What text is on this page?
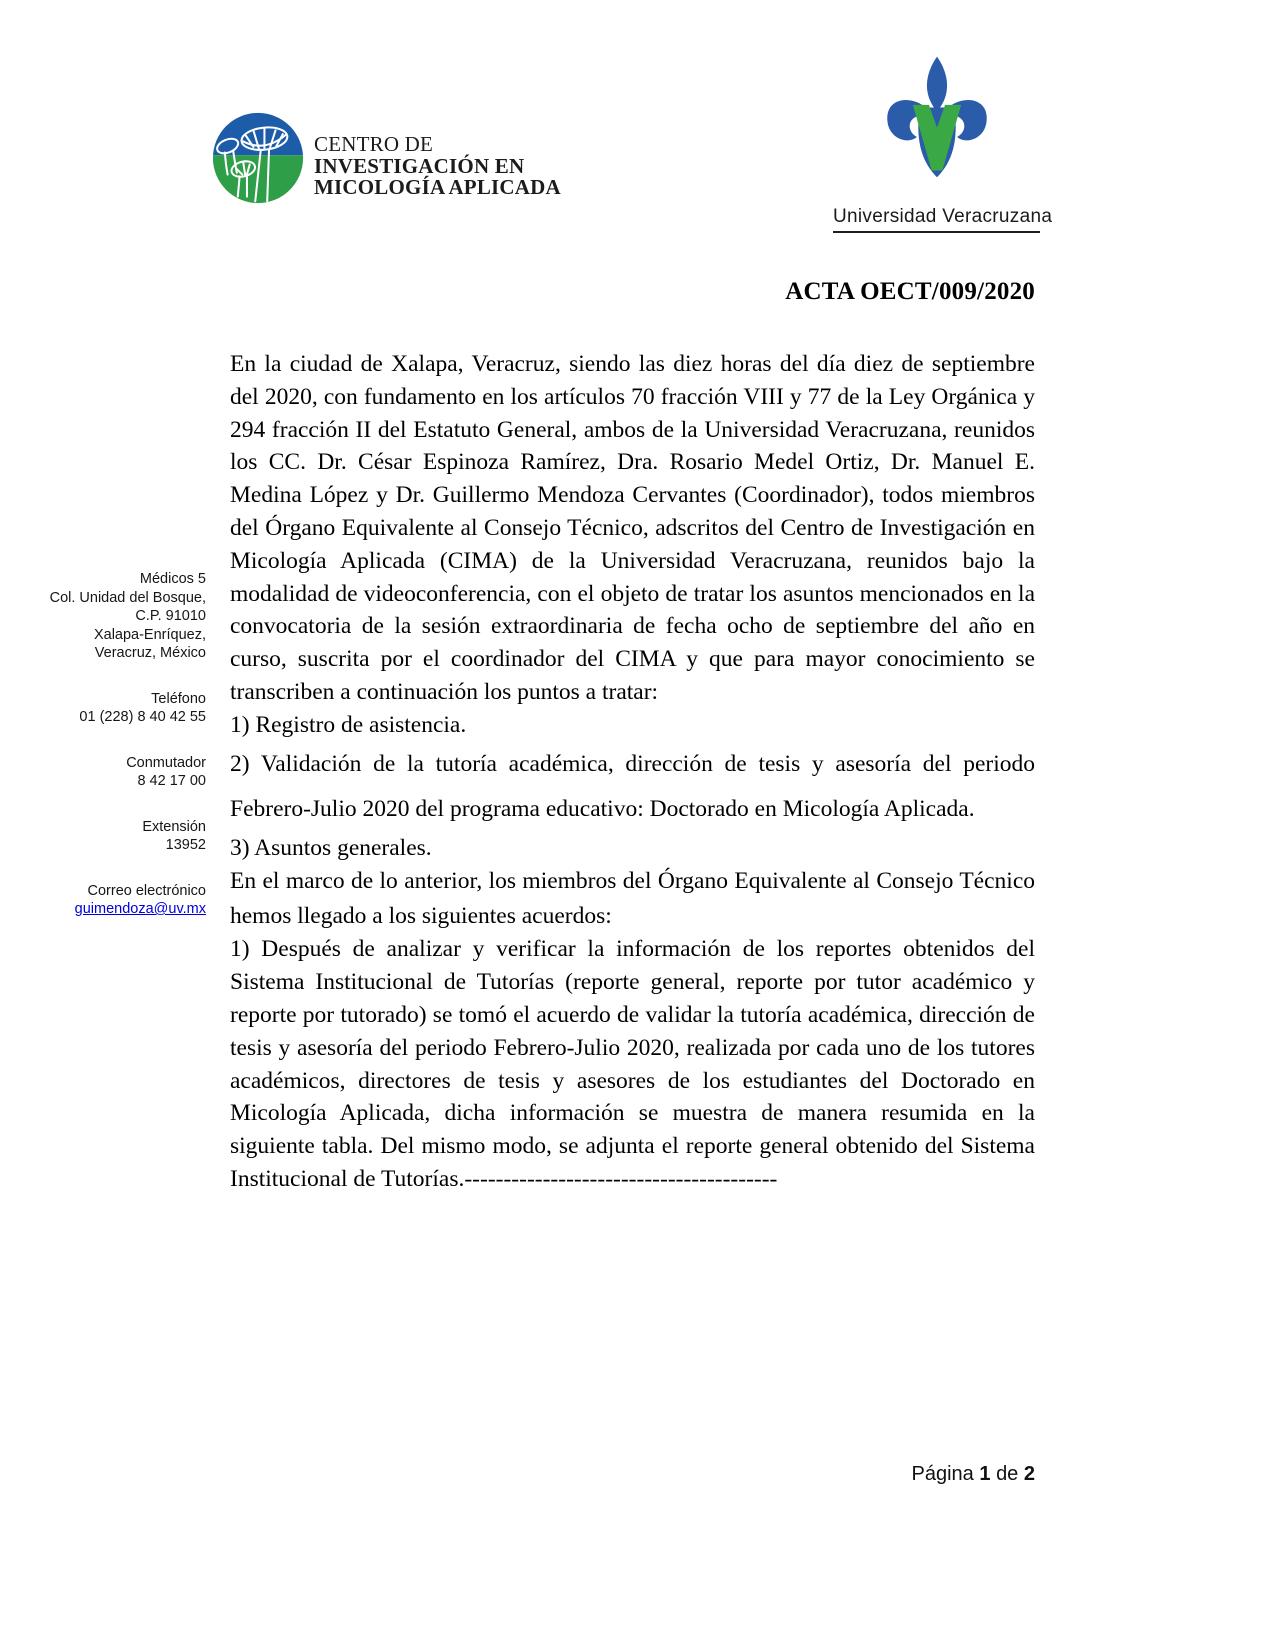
CENTRO DE
INVESTIGACIÓN EN
MICOLOGÍA APLICADA
Universidad Veracruzana
ACTA OECT/009/2020
Médicos 5
Col. Unidad del Bosque,
C.P. 91010
Xalapa-Enríquez,
Veracruz, México
Teléfono
01 (228) 8 40 42 55
Conmutador
8 42 17 00
Extensión
13952
Correo electrónico
guimendoza@uv.mx

En la ciudad de Xalapa, Veracruz, siendo las diez horas del día diez de septiembre del 2020, con fundamento en los artículos 70 fracción VIII y 77 de la Ley Orgánica y 294 fracción II del Estatuto General, ambos de la Universidad Veracruzana, reunidos los CC. Dr. César Espinoza Ramírez, Dra. Rosario Medel Ortiz, Dr. Manuel E. Medina López y Dr. Guillermo Mendoza Cervantes (Coordinador), todos miembros del Órgano Equivalente al Consejo Técnico, adscritos del Centro de Investigación en Micología Aplicada (CIMA) de la Universidad Veracruzana, reunidos bajo la modalidad de videoconferencia, con el objeto de tratar los asuntos mencionados en la convocatoria de la sesión extraordinaria de fecha ocho de septiembre del año en curso, suscrita por el coordinador del CIMA y que para mayor conocimiento se transcriben a continuación los puntos a tratar:

1) Registro de asistencia.

2) Validación de la tutoría académica, dirección de tesis y asesoría del periodo Febrero-Julio 2020 del programa educativo: Doctorado en Micología Aplicada.

3) Asuntos generales.

En el marco de lo anterior, los miembros del Órgano Equivalente al Consejo Técnico hemos llegado a los siguientes acuerdos:

1) Después de analizar y verificar la información de los reportes obtenidos del Sistema Institucional de Tutorías (reporte general, reporte por tutor académico y reporte por tutorado) se tomó el acuerdo de validar la tutoría académica, dirección de tesis y asesoría del periodo Febrero-Julio 2020, realizada por cada uno de los tutores académicos, directores de tesis y asesores de los estudiantes del Doctorado en Micología Aplicada, dicha información se muestra de manera resumida en la siguiente tabla. Del mismo modo, se adjunta el reporte general obtenido del Sistema Institucional de Tutorías.----------------------------------------

Página 1 de 2
